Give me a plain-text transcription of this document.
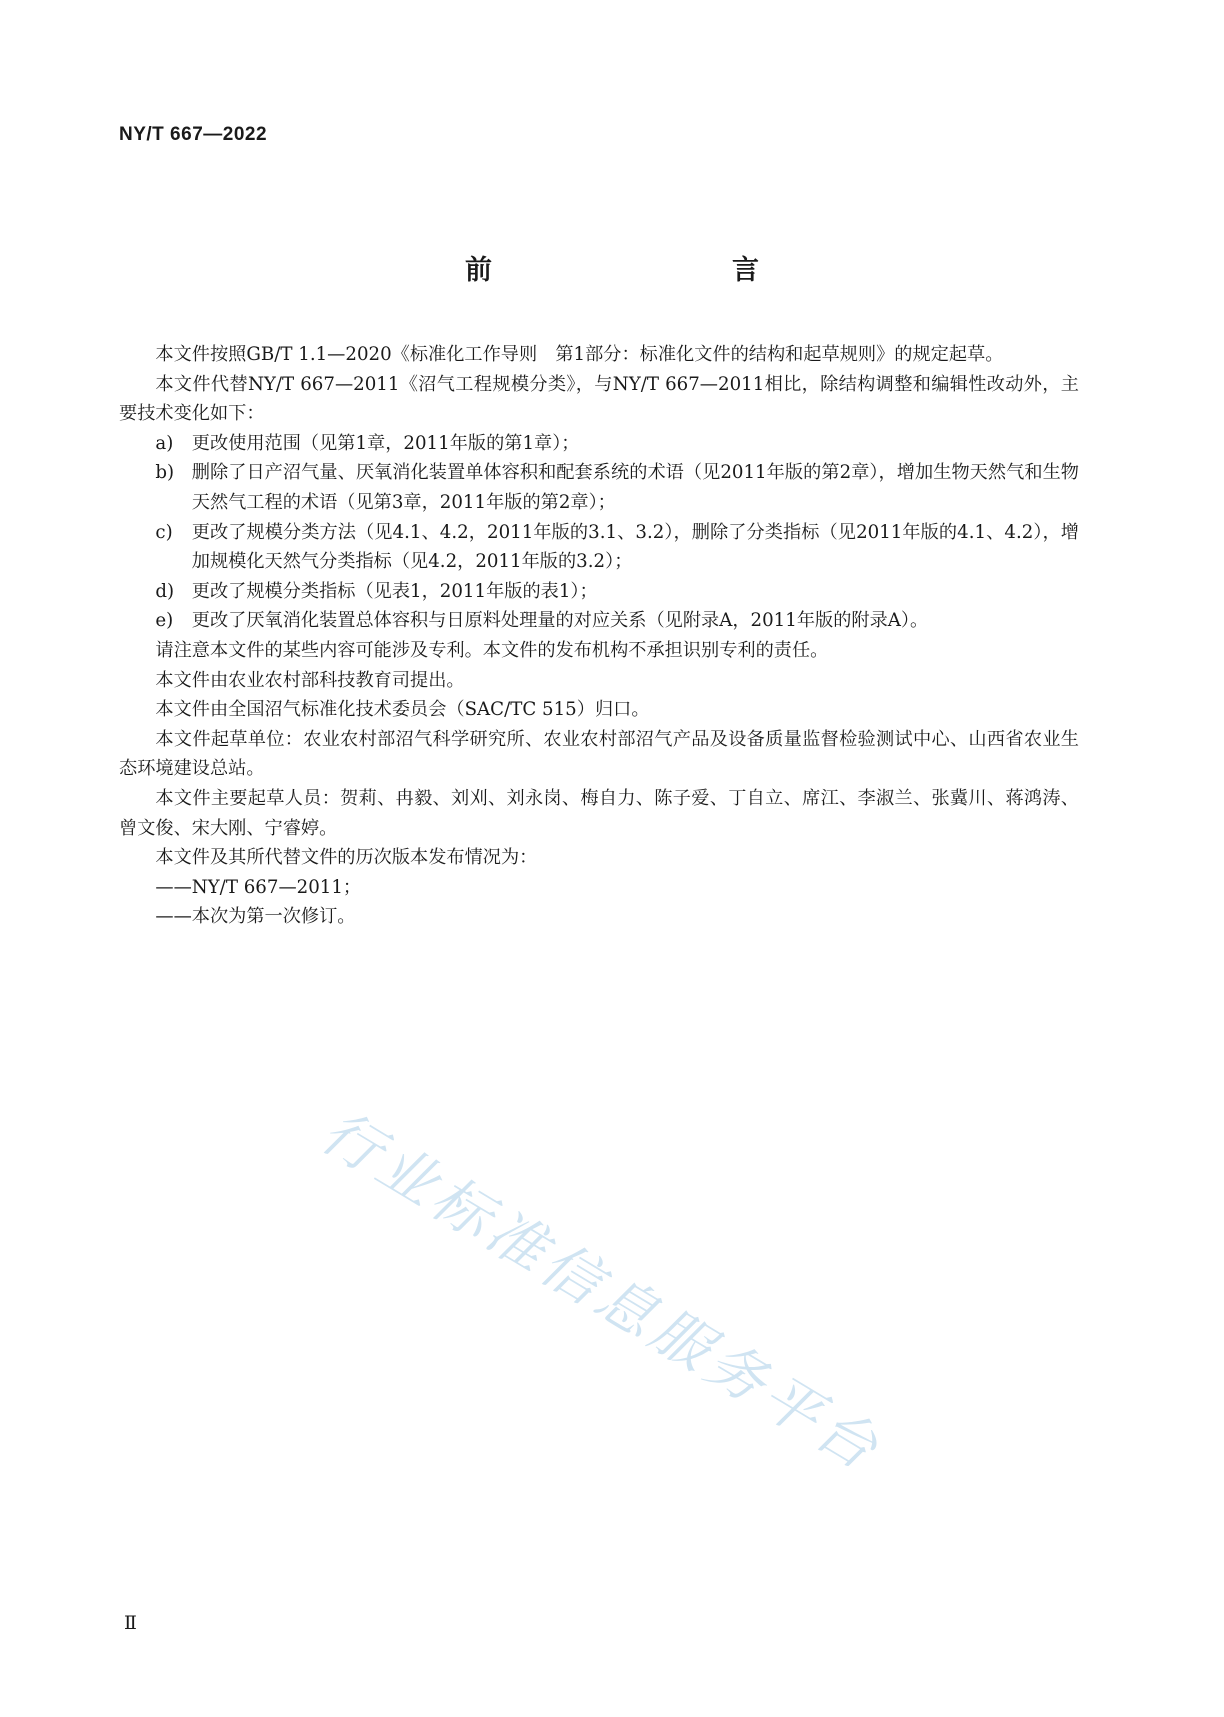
NY/T 667—2022
前　　言

本文件按照GB/T 1.1—2020《标准化工作导则　第1部分：标准化文件的结构和起草规则》的规定起草。

本文件代替NY/T 667—2011《沼气工程规模分类》，与NY/T 667—2011相比，除结构调整和编辑性改动外，主要技术变化如下：

a)	更改使用范围（见第1章，2011年版的第1章）；
b) 删除了日产沼气量、厌氧消化装置单体容积和配套系统的术语（见2011年版的第2章），增加生物天然气和生物天然气工程的术语（见第3章，2011年版的第2章）；
c)	更改了规模分类方法（见4.1、4.2，2011年版的3.1、3.2），删除了分类指标（见2011年版的4.1、4.2），增加规模化天然气分类指标（见4.2，2011年版的3.2）；
d) 更改了规模分类指标（见表1，2011年版的表1）；
e)	更改了厌氧消化装置总体容积与日原料处理量的对应关系（见附录A，2011年版的附录A）。

请注意本文件的某些内容可能涉及专利。本文件的发布机构不承担识别专利的责任。

本文件由农业农村部科技教育司提出。

本文件由全国沼气标准化技术委员会（SAC/TC 515）归口。

本文件起草单位：农业农村部沼气科学研究所、农业农村部沼气产品及设备质量监督检验测试中心、山西省农业生态环境建设总站。

本文件主要起草人员：贺莉、冉毅、刘刈、刘永岗、梅自力、陈子爱、丁自立、席江、李淑兰、张冀川、蒋鸿涛、曾文俊、宋大刚、宁睿婷。

本文件及其所代替文件的历次版本发布情况为：

——NY/T 667—2011；

——本次为第一次修订。

行业标准信息服务平台
Ⅱ
